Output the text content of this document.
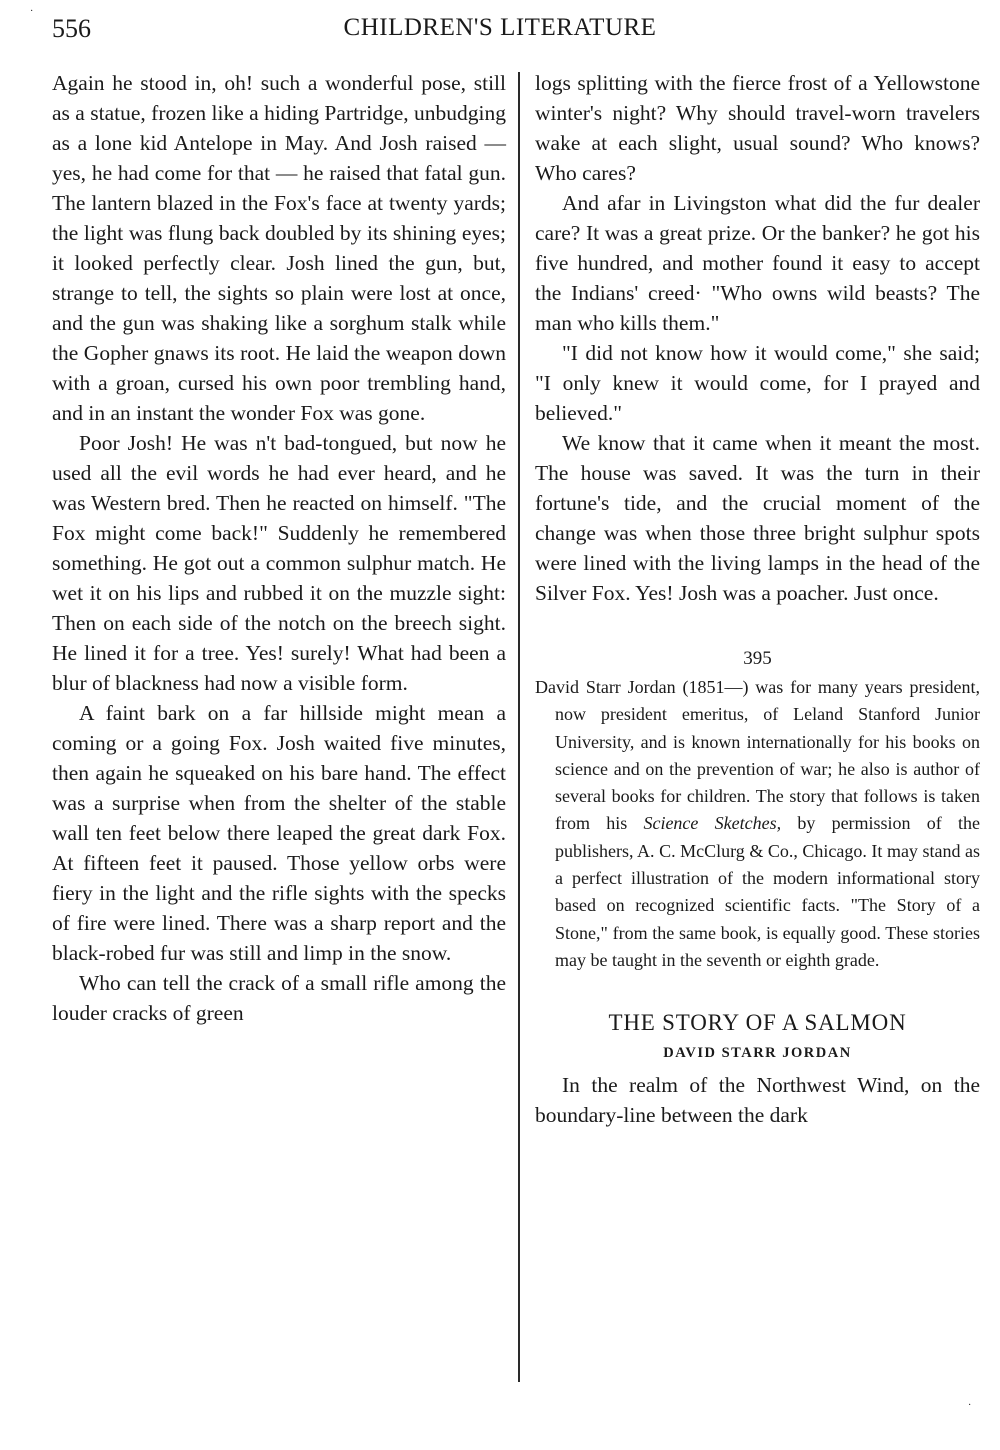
556	CHILDREN'S LITERATURE

Again he stood in, oh! such a wonderful pose, still as a statue, frozen like a hiding Partridge, unbudging as a lone kid Antelope in May. And Josh raised — yes, he had come for that — he raised that fatal gun. The lantern blazed in the Fox's face at twenty yards; the light was flung back doubled by its shining eyes; it looked perfectly clear. Josh lined the gun, but, strange to tell, the sights so plain were lost at once, and the gun was shaking like a sorghum stalk while the Gopher gnaws its root. He laid the weapon down with a groan, cursed his own poor trembling hand, and in an instant the wonder Fox was gone.

Poor Josh! He was n't bad-tongued, but now he used all the evil words he had ever heard, and he was Western bred. Then he reacted on himself. "The Fox might come back!" Suddenly he remembered something. He got out a common sulphur match. He wet it on his lips and rubbed it on the muzzle sight: Then on each side of the notch on the breech sight. He lined it for a tree. Yes! surely! What had been a blur of blackness had now a visible form.

A faint bark on a far hillside might mean a coming or a going Fox. Josh waited five minutes, then again he squeaked on his bare hand. The effect was a surprise when from the shelter of the stable wall ten feet below there leaped the great dark Fox. At fifteen feet it paused. Those yellow orbs were fiery in the light and the rifle sights with the specks of fire were lined. There was a sharp report and the black-robed fur was still and limp in the snow.

Who can tell the crack of a small rifle among the louder cracks of green

logs splitting with the fierce frost of a Yellowstone winter's night? Why should travel-worn travelers wake at each slight, usual sound? Who knows? Who cares?

And afar in Livingston what did the fur dealer care? It was a great prize. Or the banker? he got his five hundred, and mother found it easy to accept the Indians' creed· "Who owns wild beasts? The man who kills them."

"I did not know how it would come," she said; "I only knew it would come, for I prayed and believed."

We know that it came when it meant the most. The house was saved. It was the turn in their fortune's tide, and the crucial moment of the change was when those three bright sulphur spots were lined with the living lamps in the head of the Silver Fox. Yes! Josh was a poacher. Just once.

395

David Starr Jordan (1851—) was for many years president, now president emeritus, of Leland Stanford Junior University, and is known internationally for his books on science and on the prevention of war; he also is author of several books for children. The story that follows is taken from his Science Sketches, by permission of the publishers, A. C. McClurg & Co., Chicago. It may stand as a perfect illustration of the modern informational story based on recognized scientific facts. "The Story of a Stone," from the same book, is equally good. These stories may be taught in the seventh or eighth grade.

THE STORY OF A SALMON
DAVID STARR JORDAN

In the realm of the Northwest Wind, on the boundary-line between the dark

·
·
